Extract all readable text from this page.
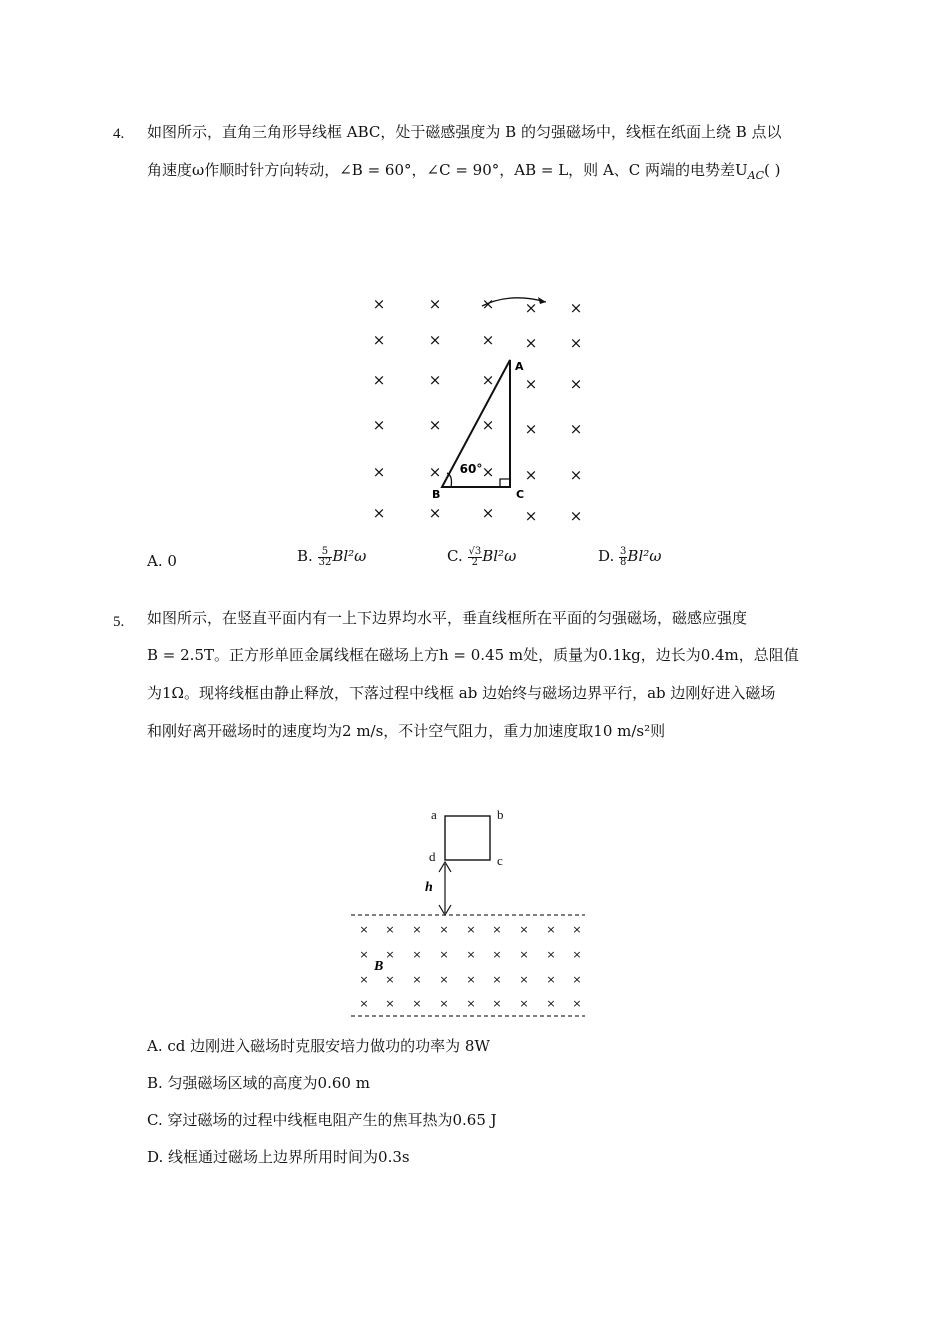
4. 如图所示，直角三角形导线框 ABC，处于磁感强度为 B 的匀强磁场中，线框在纸面上绕 B 点以
角速度ω作顺时针方向转动，∠B = 60°，∠C = 90°，AB = L，则 A、C 两端的电势差$U_{AC}$( )
×
×
×
×
×
×
×
×
×
×
×
×
×
×
×
×
×
×
×
×
×
×
×
×
×
×
×
×
×
×
60°
A
B	C
A. 0	B. $\frac{5}{32} Bl^2\omega$	C. $\frac{√3}{2} Bl^2\omega$	D. $\frac{3}{8} Bl^2\omega$
5. 如图所示，在竖直平面内有一上下边界均水平，垂直线框所在平面的匀强磁场，磁感应强度
B = 2.5T。正方形单匝金属线框在磁场上方h = 0.45 m处，质量为0.1kg，边长为0.4m，总阻值
为1Ω。现将线框由静止释放，下落过程中线框 ab 边始终与磁场边界平行，ab 边刚好进入磁场
和刚好离开磁场时的速度均为2 m/s，不计空气阻力，重力加速度取10 m/s²则
a	b
c
d
h
× × × × × × × × ×
× × × × × × × × ×
× × × × × × × × ×
× × × × × × × × ×
B
A. cd 边刚进入磁场时克服安培力做功的功率为 8W
B. 匀强磁场区域的高度为0.60 m
C. 穿过磁场的过程中线框电阻产生的焦耳热为0.65 J
D. 线框通过磁场上边界所用时间为0.3s
